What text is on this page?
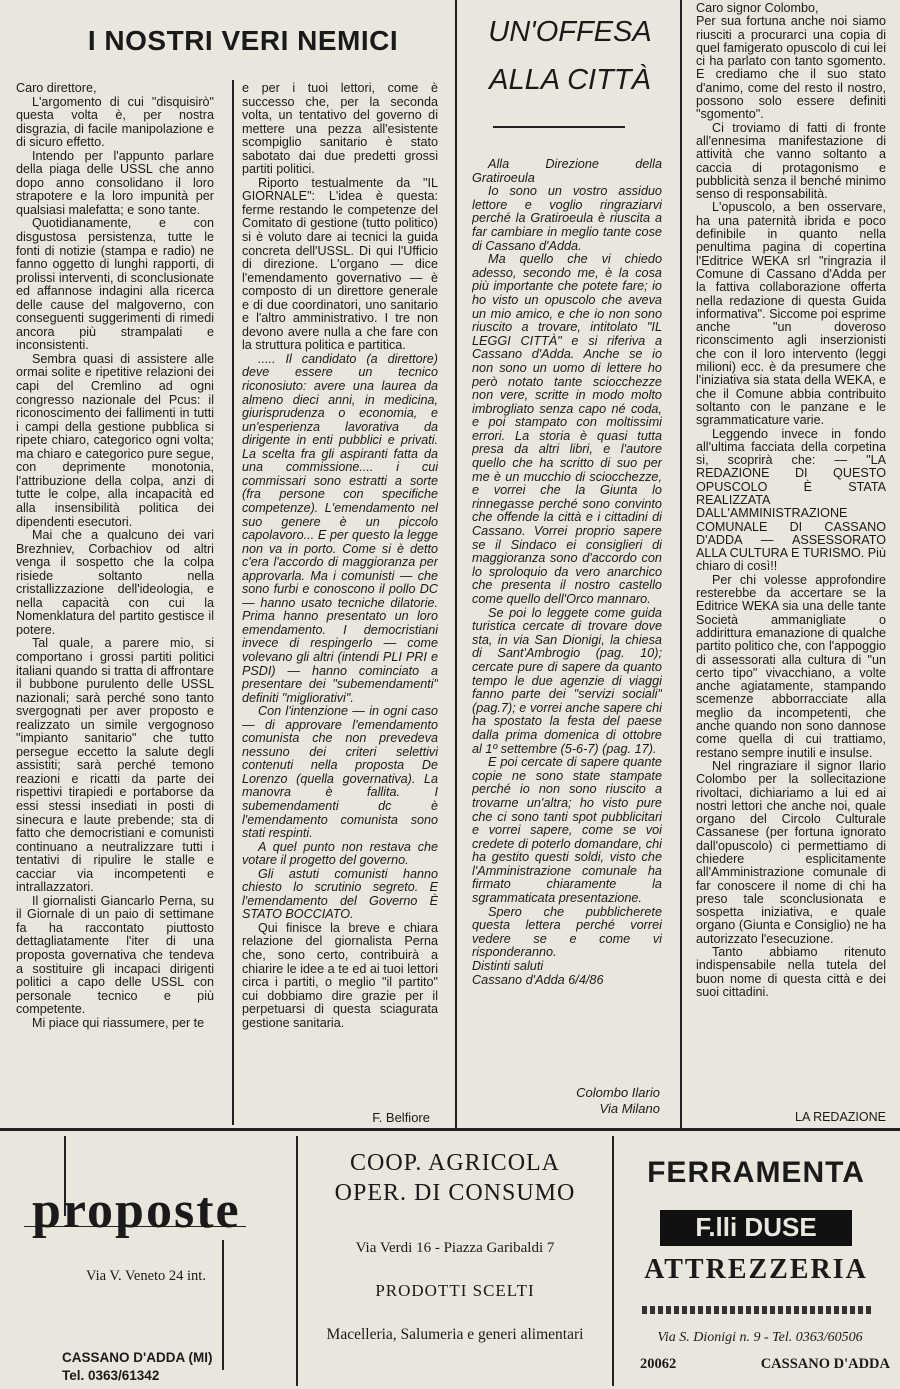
I NOSTRI VERI NEMICI

Caro direttore,

L'argomento di cui "disquisirò" questa volta è, per nostra disgrazia, di facile manipolazione e di sicuro effetto.

Intendo per l'appunto parlare della piaga delle USSL che anno dopo anno consolidano il loro strapotere e la loro impunità per qualsiasi malefatta; e sono tante.

Quotidianamente, e con disgustosa persistenza, tutte le fonti di notizie (stampa e radio) ne fanno oggetto di lunghi rapporti, di prolissi interventi, di sconclusionate ed affannose indagini alla ricerca delle cause del malgoverno, con conseguenti suggerimenti di rimedi ancora più strampalati e inconsistenti.

Sembra quasi di assistere alle ormai solite e ripetitive relazioni dei capi del Cremlino ad ogni congresso nazionale del Pcus: il riconoscimento dei fallimenti in tutti i campi della gestione pubblica si ripete chiaro, categorico ogni volta; ma chiaro e categorico pure segue, con deprimente monotonia, l'attribuzione della colpa, anzi di tutte le colpe, alla incapacità ed alla insensibilità politica dei dipendenti esecutori.

Mai che a qualcuno dei vari Brezhniev, Corbachiov od altri venga il sospetto che la colpa risiede soltanto nella cristallizzazione dell'ideologia, e nella capacità con cui la Nomenklatura del partito gestisce il potere.

Tal quale, a parere mio, si comportano i grossi partiti politici italiani quando si tratta di affrontare il bubbone purulento delle USSL nazionali; sarà perché sono tanto svergognati per aver proposto e realizzato un simile vergognoso "impianto sanitario" che tutto persegue eccetto la salute degli assistiti; sarà perché temono reazioni e ricatti da parte dei rispettivi tirapiedi e portaborse da essi stessi insediati in posti di sinecura e laute prebende; sta di fatto che democristiani e comunisti continuano a neutralizzare tutti i tentativi di ripulire le stalle e cacciar via incompetenti e intrallazzatori.

Il giornalisti Giancarlo Perna, su il Giornale di un paio di settimane fa ha raccontato piuttosto dettagliatamente l'iter di una proposta governativa che tendeva a sostituire gli incapaci dirigenti politici a capo delle USSL con personale tecnico e più competente.

Mi piace qui riassumere, per te

e per i tuoi lettori, come è successo che, per la seconda volta, un tentativo del governo di mettere una pezza all'esistente scompiglio sanitario è stato sabotato dai due predetti grossi partiti politici.

Riporto testualmente da "IL GIORNALE": L'idea è questa: ferme restando le competenze del Comitato di gestione (tutto politico) si è voluto dare ai tecnici la guida concreta dell'USSL. Di qui l'Ufficio di direzione. L'organo — dice l'emendamento governativo — è composto di un direttore generale e di due coordinatori, uno sanitario e l'altro amministrativo. I tre non devono avere nulla a che fare con la struttura politica e partitica.

..... Il candidato (a direttore) deve essere un tecnico riconosiuto: avere una laurea da almeno dieci anni, in medicina, giurisprudenza o economia, e un'esperienza lavorativa da dirigente in enti pubblici e privati. La scelta fra gli aspiranti fatta da una commissione.... i cui commissari sono estratti a sorte (fra persone con specifiche competenze). L'emendamento nel suo genere è un piccolo capolavoro... E per questo la legge non va in porto. Come si è detto c'era l'accordo di maggioranza per approvarla. Ma i comunisti — che sono furbi e conoscono il pollo DC — hanno usato tecniche dilatorie. Prima hanno presentato un loro emendamento. I democristiani invece di respingerlo — come volevano gli altri (intendi PLI PRI e PSDI) — hanno cominciato a presentare dei "subemendamenti" definiti "migliorativi".

Con l'intenzione — in ogni caso — di approvare l'emendamento comunista che non prevedeva nessuno dei criteri selettivi contenuti nella proposta De Lorenzo (quella governativa). La manovra è fallita. I subemendamenti dc è l'emendamento comunista sono stati respinti.

A quel punto non restava che votare il progetto del governo.

Gli astuti comunisti hanno chiesto lo scrutinio segreto. E l'emendamento del Governo È STATO BOCCIATO.

Qui finisce la breve e chiara relazione del giornalista Perna che, sono certo, contribuirà a chiarire le idee a te ed ai tuoi lettori circa i partiti, o meglio "il partito" cui dobbiamo dire grazie per il perpetuarsi di questa sciagurata gestione sanitaria.

F. Belfiore
UN'OFFESA
ALLA CITTÀ

Alla Direzione della Gratiroeula

Io sono un vostro assiduo lettore e voglio ringraziarvi perché la Gratiroeula è riuscita a far cambiare in meglio tante cose di Cassano d'Adda.

Ma quello che vi chiedo adesso, secondo me, è la cosa più importante che potete fare; io ho visto un opuscolo che aveva un mio amico, e che io non sono riuscito a trovare, intitolato "IL LEGGI CITTÀ" e si riferiva a Cassano d'Adda. Anche se io non sono un uomo di lettere ho però notato tante sciocchezze non vere, scritte in modo molto imbrogliato senza capo né coda, e poi stampato con moltissimi errori. La storia è quasi tutta presa da altri libri, e l'autore quello che ha scritto di suo per me è un mucchio di sciocchezze, e vorrei che la Giunta lo rinnegasse perché sono convinto che offende la città e i cittadini di Cassano. Vorrei proprio sapere se il Sindaco ei consiglieri di maggioranza sono d'accordo con lo sproloquio da vero anarchico che presenta il nostro castello come quello dell'Orco mannaro.

Se poi lo leggete come guida turistica cercate di trovare dove sta, in via San Dionigi, la chiesa di Sant'Ambrogio (pag. 10); cercate pure di sapere da quanto tempo le due agenzie di viaggi fanno parte dei "servizi sociali" (pag.7); e vorrei anche sapere chi ha spostato la festa del paese dalla prima domenica di ottobre al 1º settembre (5-6-7) (pag. 17).

E poi cercate di sapere quante copie ne sono state stampate perché io non sono riuscito a trovarne un'altra; ho visto pure che ci sono tanti spot pubblicitari e vorrei sapere, come se voi credete di poterlo domandare, chi ha gestito questi soldi, visto che l'Amministrazione comunale ha firmato chiaramente la sgrammaticata presentazione.

Spero che pubblicherete questa lettera perché vorrei vedere se e come vi risponderanno.

Distinti saluti

Cassano d'Adda 6/4/86

Colombo Ilario
Via Milano

Caro signor Colombo,

Per sua fortuna anche noi siamo riusciti a procurarci una copia di quel famigerato opuscolo di cui lei ci ha parlato con tanto sgomento. E crediamo che il suo stato d'animo, come del resto il nostro, possono solo essere definiti "sgomento".

Ci troviamo di fatti di fronte all'ennesima manifestazione di attività che vanno soltanto a caccia di protagonismo e pubblicità senza il benché minimo senso di responsabilità.

L'opuscolo, a ben osservare, ha una paternità ibrida e poco definibile in quanto nella penultima pagina di copertina l'Editrice WEKA srl "ringrazia il Comune di Cassano d'Adda per la fattiva collaborazione offerta nella redazione di questa Guida informativa". Siccome poi esprime anche "un doveroso riconscimento agli inserzionisti che con il loro intervento (leggi milioni) ecc. è da presumere che l'iniziativa sia stata della WEKA, e che il Comune abbia contribuito soltanto con le panzane e le sgrammaticature varie.

Leggendo invece in fondo all'ultima facciata della corpetina si, scoprirà che: — "LA REDAZIONE DI QUESTO OPUSCOLO È STATA REALIZZATA DALL'AMMINISTRAZIONE COMUNALE DI CASSANO D'ADDA — ASSESSORATO ALLA CULTURA E TURISMO. Più chiaro di così!!

Per chi volesse approfondire resterebbe da accertare se la Editrice WEKA sia una delle tante Società ammanigliate o addirittura emanazione di qualche partito politico che, con l'appoggio di assessorati alla cultura di "un certo tipo" vivacchiano, a volte anche agiatamente, stampando scemenze abborracciate alla meglio da incompetenti, che anche quando non sono dannose come quella di cui trattiamo, restano sempre inutili e insulse.

Nel ringraziare il signor Ilario Colombo per la sollecitazione rivoltaci, dichiariamo a lui ed ai nostri lettori che anche noi, quale organo del Circolo Culturale Cassanese (per fortuna ignorato dall'opuscolo) ci permettiamo di chiedere esplicitamente all'Amministrazione comunale di far conoscere il nome di chi ha preso tale sconclusionata e sospetta iniziativa, e quale organo (Giunta e Consiglio) ne ha autorizzato l'esecuzione.

Tanto abbiamo ritenuto indispensabile nella tutela del buon nome di questa città e dei suoi cittadini.

LA REDAZIONE
proposte
Via V. Veneto 24 int.
CASSANO D'ADDA (MI)
Tel. 0363/61342
COOP. AGRICOLA
OPER. DI CONSUMO
Via Verdi 16 - Piazza Garibaldi 7
PRODOTTI SCELTI
Macelleria, Salumeria e generi alimentari
FERRAMENTA
F.lli DUSE
ATTREZZERIA
Via S. Dionigi n. 9 - Tel. 0363/60506
20062	CASSANO D'ADDA
